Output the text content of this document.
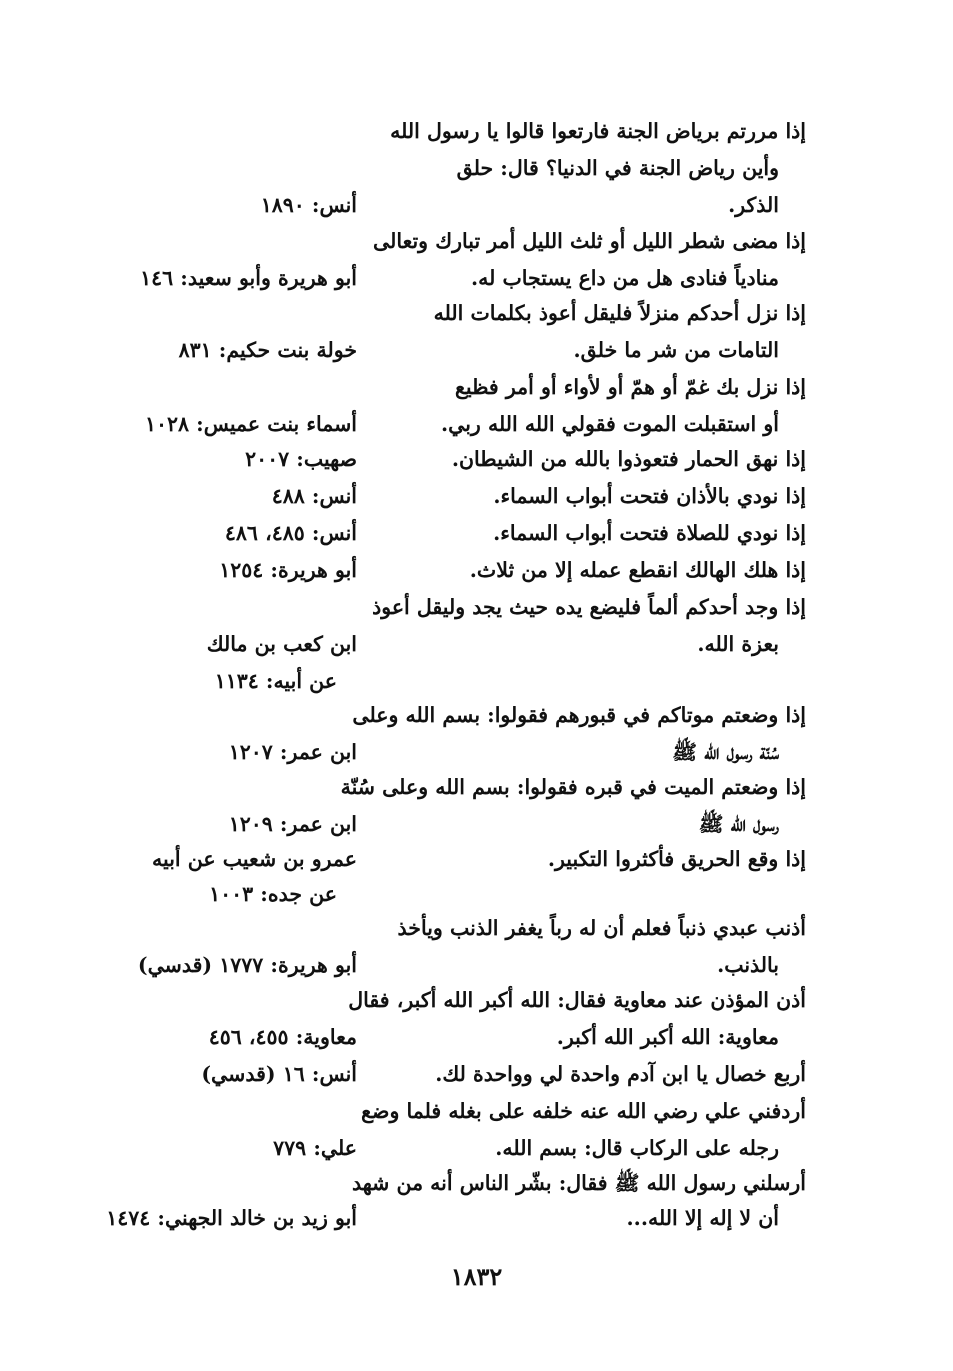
إذا مررتم برياض الجنة فارتعوا قالوا يا رسول الله
وأين رياض الجنة في الدنيا؟ قال: حلق
الذكر.
إذا مضى شطر الليل أو ثلث الليل أمر تبارك وتعالى
منادياً فنادى هل من داع يستجاب له.
إذا نزل أحدكم منزلاً فليقل أعوذ بكلمات الله
التامات من شر ما خلق.
إذا نزل بك غمّ أو همّ أو لأواء أو أمر فظيع
أو استقبلت الموت فقولي الله الله ربي.
إذا نهق الحمار فتعوذوا بالله من الشيطان.
إذا نودي بالأذان فتحت أبواب السماء.
إذا نودي للصلاة فتحت أبواب السماء.
إذا هلك الهالك انقطع عمله إلا من ثلاث.
إذا وجد أحدكم ألماً فليضع يده حيث يجد وليقل أعوذ
بعزة الله.
إذا وضعتم موتاكم في قبورهم فقولوا: بسم الله وعلى
سُنّة رسول الله ﷺ
إذا وضعتم الميت في قبره فقولوا: بسم الله وعلى سُنّة
رسول الله ﷺ
إذا وقع الحريق فأكثروا التكبير.
أذنب عبدي ذنباً فعلم أن له رباً يغفر الذنب ويأخذ
بالذنب.
أذن المؤذن عند معاوية فقال: الله أكبر الله أكبر، فقال
معاوية: الله أكبر الله أكبر.
أربع خصال يا ابن آدم واحدة لي وواحدة لك.
أردفني علي رضي الله عنه خلفه على بغله فلما وضع
رجله على الركاب قال: بسم الله.
أرسلني رسول الله ﷺ فقال: بشّر الناس أنه من شهد
أن لا إله إلا الله...
أنس: ١٨٩٠
أبو هريرة وأبو سعيد: ١٤٦
خولة بنت حكيم: ٨٣١
أسماء بنت عميس: ١٠٢٨
صهيب: ٢٠٠٧
أنس: ٤٨٨
أنس: ٤٨٥، ٤٨٦
أبو هريرة: ١٢٥٤
ابن كعب بن مالك
عن أبيه: ١١٣٤
ابن عمر: ١٢٠٧
ابن عمر: ١٢٠٩
عمرو بن شعيب عن أبيه
عن جده: ١٠٠٣
أبو هريرة: ١٧٧٧ (قدسي)
معاوية: ٤٥٥، ٤٥٦
أنس: ١٦ (قدسي)
علي: ٧٧٩
أبو زيد بن خالد الجهني: ١٤٧٤
١٨٣٢
